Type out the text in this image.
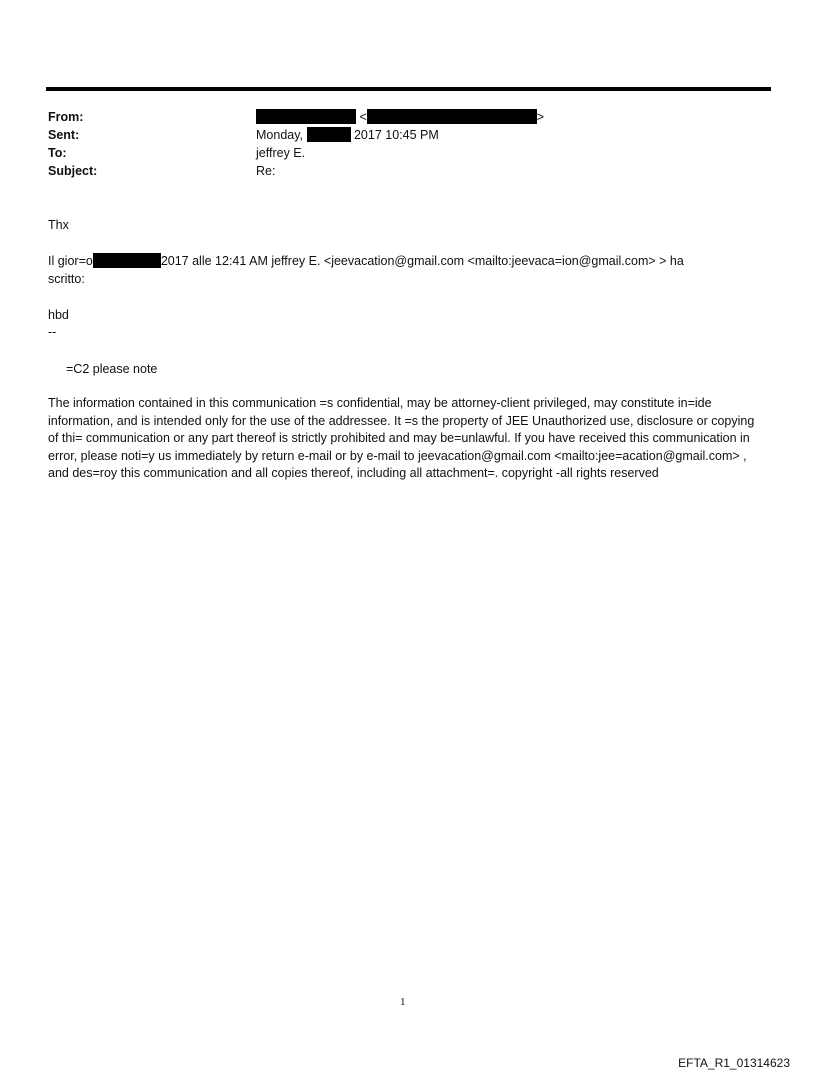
From:	<	>
Sent:	Monday,	2017 10:45 PM
To:	jeffrey E.
Subject:	Re:
Thx
Il gior=o	2017 alle 12:41 AM jeffrey E. <jeevacation@gmail.com <mailto:jeevaca=ion@gmail.com> > ha
scritto:
hbd
--
=C2 please note
The information contained in this communication =s confidential, may be attorney-client privileged, may constitute in=ide information, and is intended only for the use of the addressee. It =s the property of JEE Unauthorized use, disclosure or copying of thi= communication or any part thereof is strictly prohibited and may be=unlawful. If you have received this communication in error, please noti=y us immediately by return e-mail or by e-mail to jeevacation@gmail.com <mailto:jee=acation@gmail.com> , and des=roy this communication and all copies thereof, including all attachment=. copyright -all rights reserved
1
EFTA_R1_01314623
